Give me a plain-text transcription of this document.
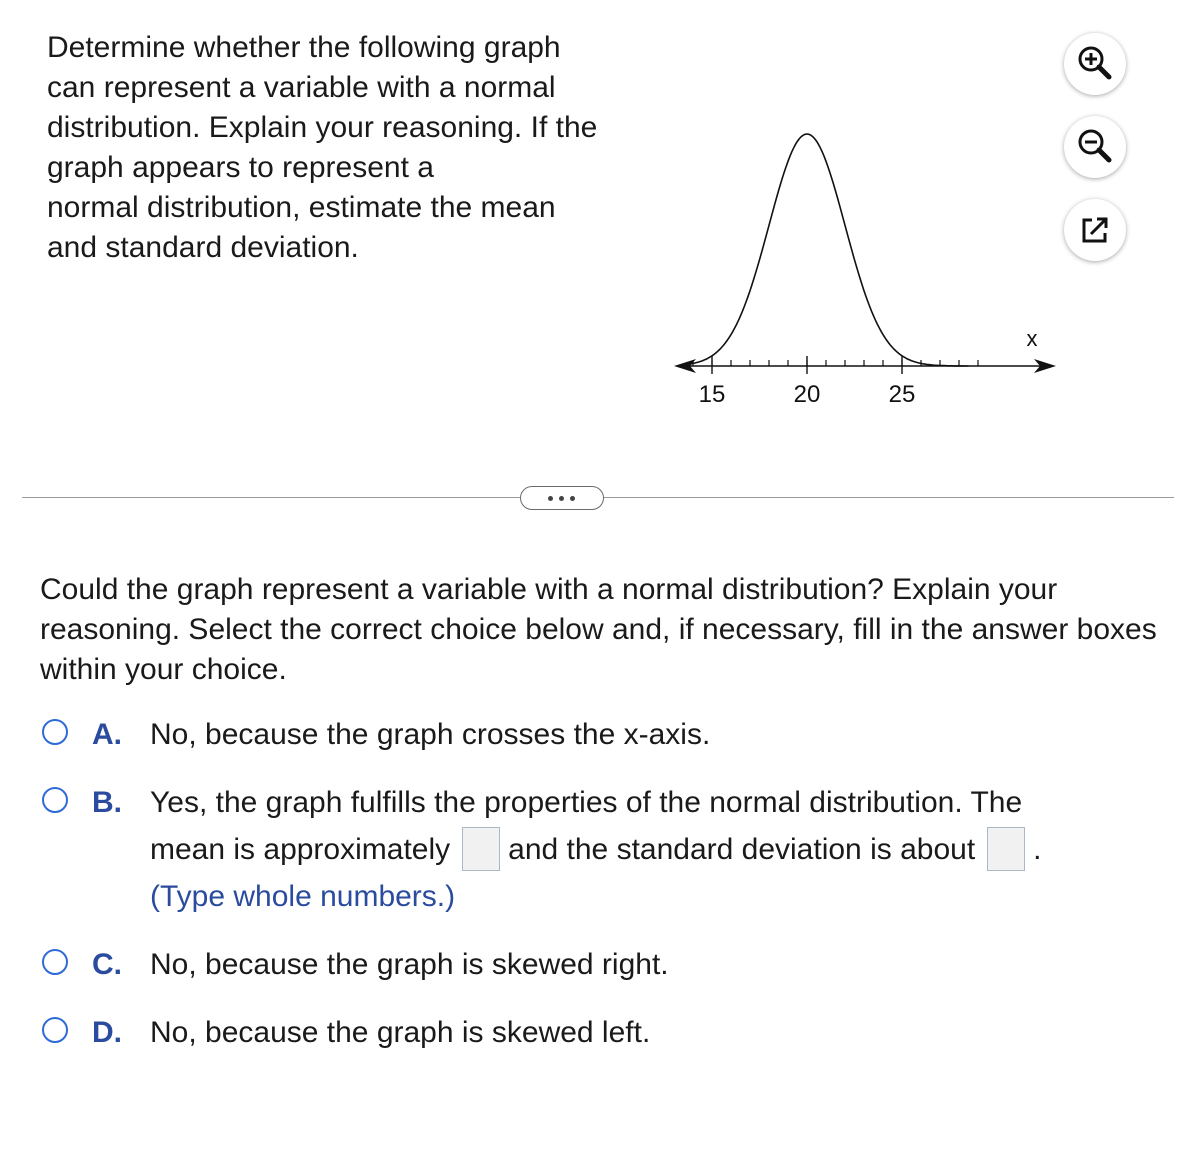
Determine whether the following graph
can represent a variable with a normal
distribution. Explain your reasoning. If the
graph appears to represent a
normal distribution, estimate the mean
and standard deviation.

x
15	20	25

Could the graph represent a variable with a normal distribution? Explain your reasoning. Select the correct choice below and, if necessary, fill in the answer boxes within your choice.

A. No, because the graph crosses the x-axis.
B. Yes, the graph fulfills the properties of the normal distribution. The
mean is approximately and the standard deviation is about .
(Type whole numbers.)
C. No, because the graph is skewed right.
D. No, because the graph is skewed left.
